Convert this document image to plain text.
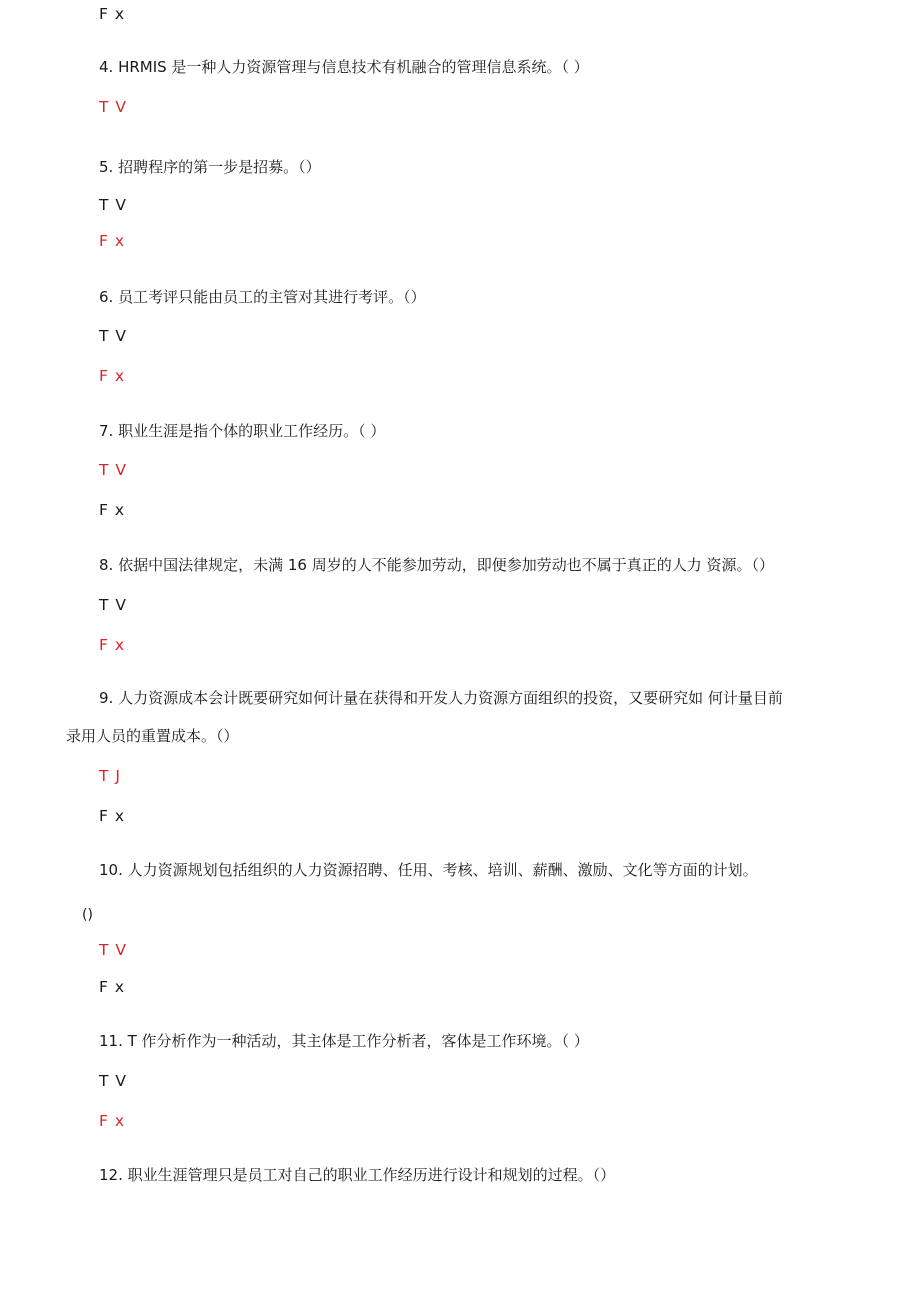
F x
4. HRMIS 是一种人力资源管理与信息技术有机融合的管理信息系统。（ ）
T V
5. 招聘程序的第一步是招募。（）
T V
F x
6. 员工考评只能由员工的主管对其进行考评。（）
T V
F x
7. 职业生涯是指个体的职业工作经历。（ ）
T V
F x
8. 依据中国法律规定，未满 16 周岁的人不能参加劳动，即便参加劳动也不属于真正的人力 资源。（）
T V
F x
9. 人力资源成本会计既要研究如何计量在获得和开发人力资源方面组织的投资，又要研究如 何计量目前
录用人员的重置成本。（）
T J
F x
10. 人力资源规划包括组织的人力资源招聘、任用、考核、培训、薪酬、激励、文化等方面的计划。
()
T V
F x
11. T 作分析作为一种活动，其主体是工作分析者，客体是工作环境。（ ）
T V
F x
12. 职业生涯管理只是员工对自己的职业工作经历进行设计和规划的过程。（）
